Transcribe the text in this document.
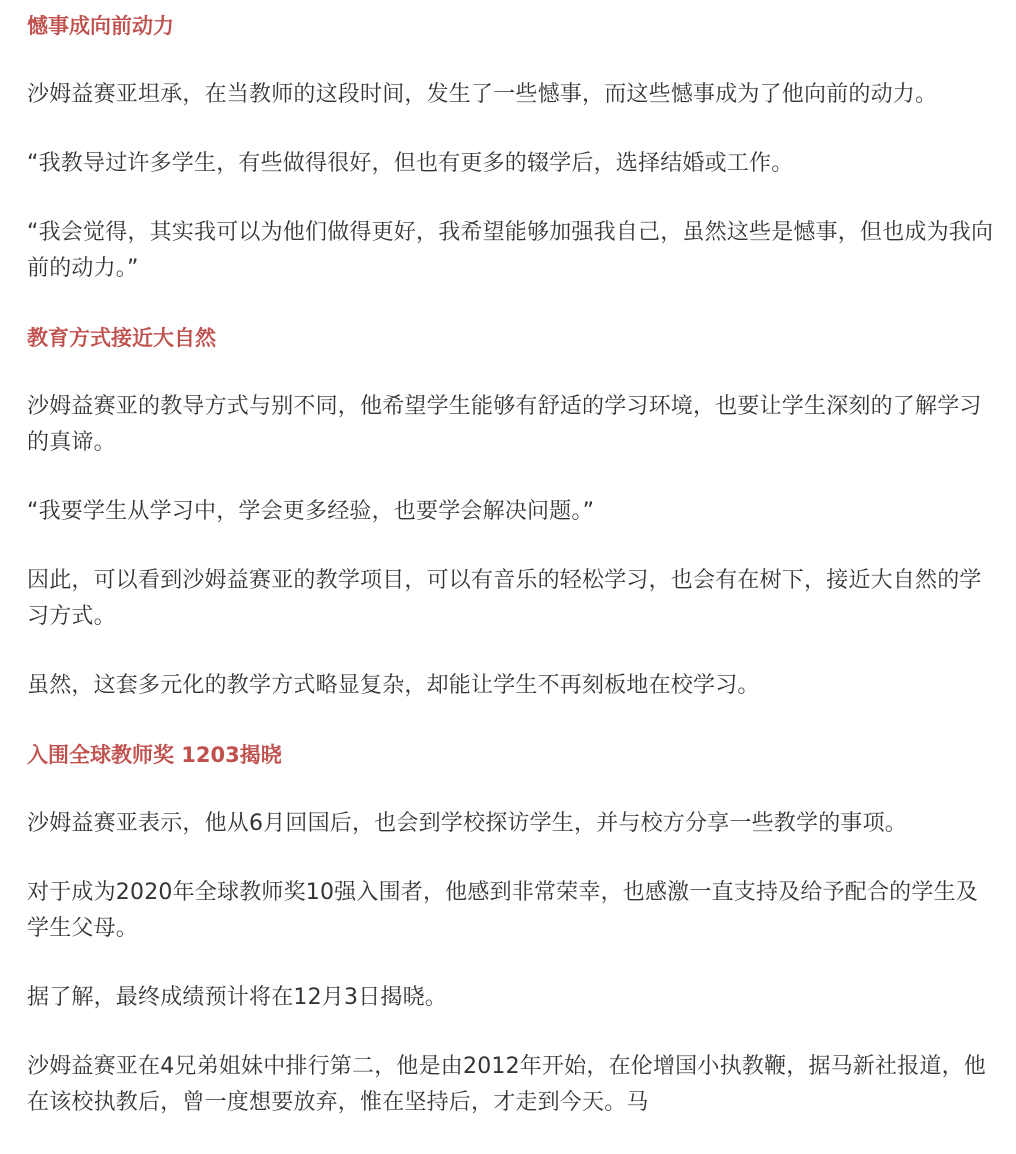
憾事成向前动力

沙姆益赛亚坦承，在当教师的这段时间，发生了一些憾事，而这些憾事成为了他向前的动力。

“我教导过许多学生，有些做得很好，但也有更多的辍学后，选择结婚或工作。

“我会觉得，其实我可以为他们做得更好，我希望能够加强我自己，虽然这些是憾事，但也成为我向前的动力。”

教育方式接近大自然

沙姆益赛亚的教导方式与别不同，他希望学生能够有舒适的学习环境，也要让学生深刻的了解学习的真谛。

“我要学生从学习中，学会更多经验，也要学会解决问题。”

因此，可以看到沙姆益赛亚的教学项目，可以有音乐的轻松学习，也会有在树下，接近大自然的学习方式。

虽然，这套多元化的教学方式略显复杂，却能让学生不再刻板地在校学习。

入围全球教师奖 1203揭晓

沙姆益赛亚表示，他从6月回国后，也会到学校探访学生，并与校方分享一些教学的事项。

对于成为2020年全球教师奖10强入围者，他感到非常荣幸，也感激一直支持及给予配合的学生及学生父母。

据了解，最终成绩预计将在12月3日揭晓。

沙姆益赛亚在4兄弟姐妹中排行第二，他是由2012年开始，在伦增国小执教鞭，据马新社报道，他在该校执教后，曾一度想要放弃，惟在坚持后，才走到今天。马
